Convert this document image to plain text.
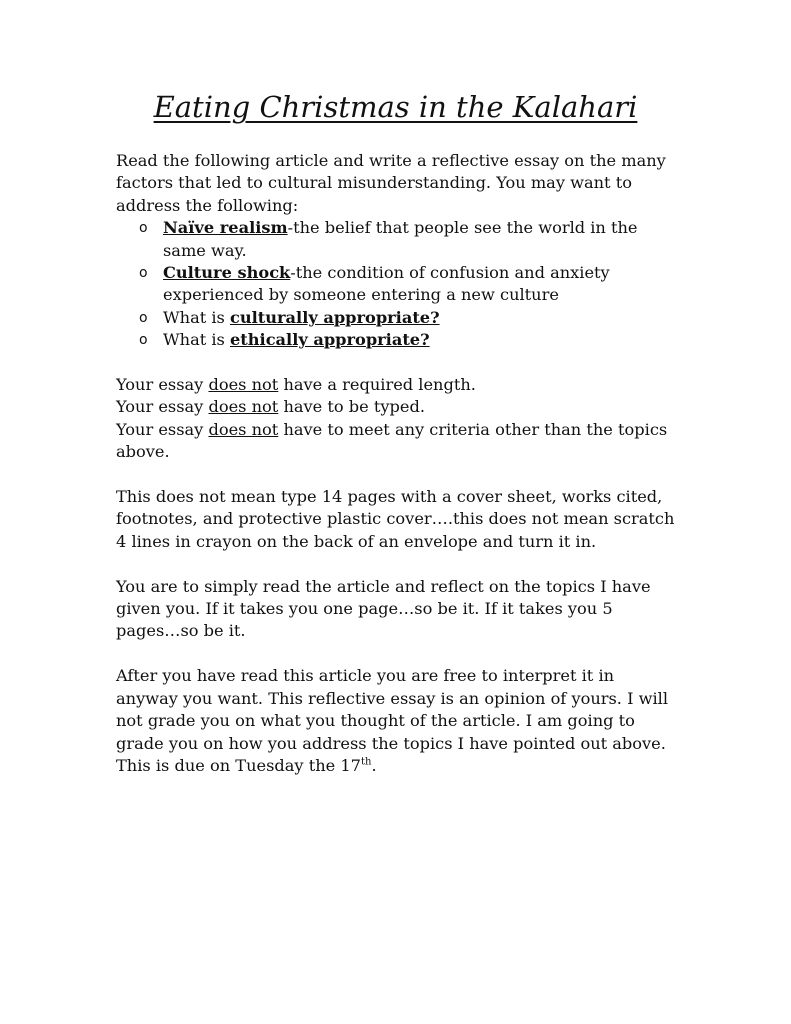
Eating Christmas in the Kalahari

Read the following article and write a reflective essay on the many factors that led to cultural misunderstanding. You may want to address the following:

o Naïve realism-the belief that people see the world in the same way.
o Culture shock-the condition of confusion and anxiety experienced by someone entering a new culture
o What is culturally appropriate?
o What is ethically appropriate?

Your essay does not have a required length.

Your essay does not have to be typed.

Your essay does not have to meet any criteria other than the topics above.

This does not mean type 14 pages with a cover sheet, works cited, footnotes, and protective plastic cover….this does not mean scratch 4 lines in crayon on the back of an envelope and turn it in.

You are to simply read the article and reflect on the topics I have given you. If it takes you one page…so be it. If it takes you 5 pages…so be it.

After you have read this article you are free to interpret it in anyway you want. This reflective essay is an opinion of yours. I will not grade you on what you thought of the article. I am going to grade you on how you address the topics I have pointed out above. This is due on Tuesday the 17th.
